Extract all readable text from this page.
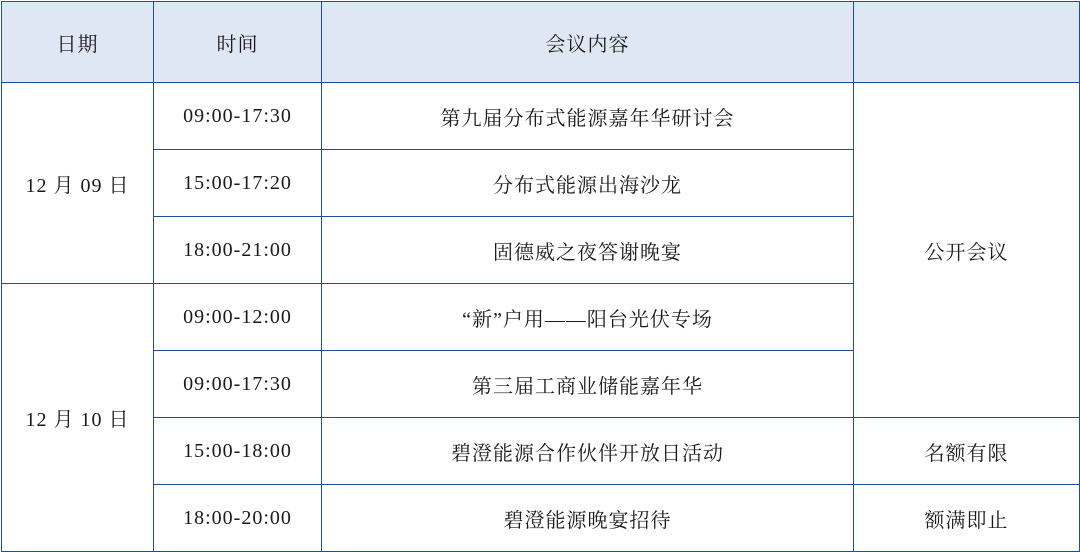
日期	时间	会议内容	
12 月 09 日	09:00-17:30	第九届分布式能源嘉年华研讨会	公开会议
	15:00-17:20	分布式能源出海沙龙	
	18:00-21:00	固德威之夜答谢晚宴	
12 月 10 日	09:00-12:00	“新”户用——阳台光伏专场	
	09:00-17:30	第三届工商业储能嘉年华	
	15:00-18:00	碧澄能源合作伙伴开放日活动	名额有限
	18:00-20:00	碧澄能源晚宴招待	额满即止
